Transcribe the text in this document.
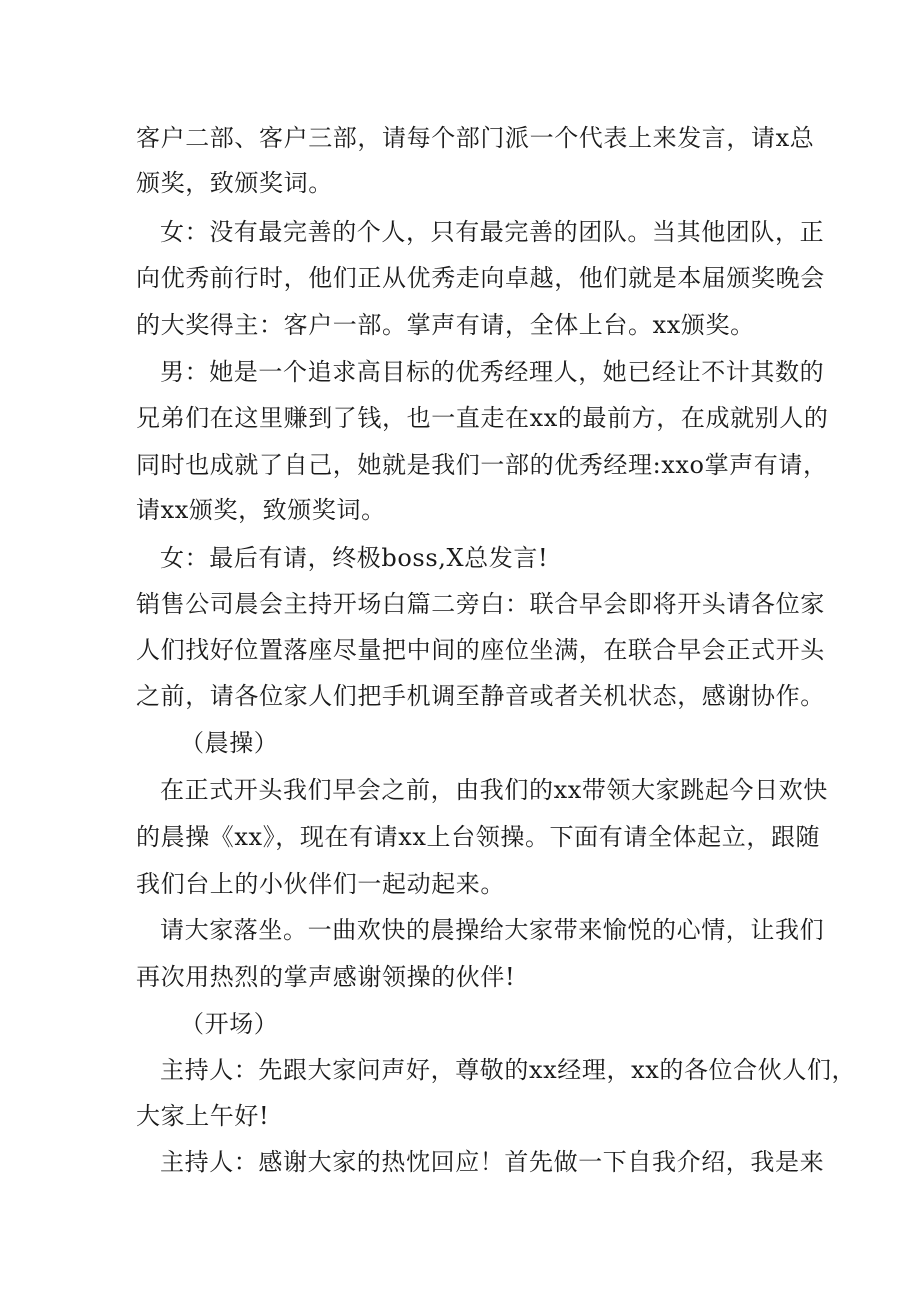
客户二部、客户三部，请每个部门派一个代表上来发言，请x总
颁奖，致颁奖词。
女：没有最完善的个人，只有最完善的团队。当其他团队，正
向优秀前行时，他们正从优秀走向卓越，他们就是本届颁奖晚会
的大奖得主：客户一部。掌声有请，全体上台。xx颁奖。
男：她是一个追求高目标的优秀经理人，她已经让不计其数的
兄弟们在这里赚到了钱，也一直走在xx的最前方，在成就别人的
同时也成就了自己，她就是我们一部的优秀经理:xxo掌声有请，
请xx颁奖，致颁奖词。
女：最后有请，终极boss,X总发言!
销售公司晨会主持开场白篇二旁白：联合早会即将开头请各位家
人们找好位置落座尽量把中间的座位坐满，在联合早会正式开头
之前，请各位家人们把手机调至静音或者关机状态，感谢协作。
（晨操）
在正式开头我们早会之前，由我们的xx带领大家跳起今日欢快
的晨操《xx》，现在有请xx上台领操。下面有请全体起立，跟随
我们台上的小伙伴们一起动起来。
请大家落坐。一曲欢快的晨操给大家带来愉悦的心情，让我们
再次用热烈的掌声感谢领操的伙伴!
（开场）
主持人：先跟大家问声好，尊敬的xx经理，xx的各位合伙人们，
大家上午好!
主持人：感谢大家的热忱回应！首先做一下自我介绍，我是来
